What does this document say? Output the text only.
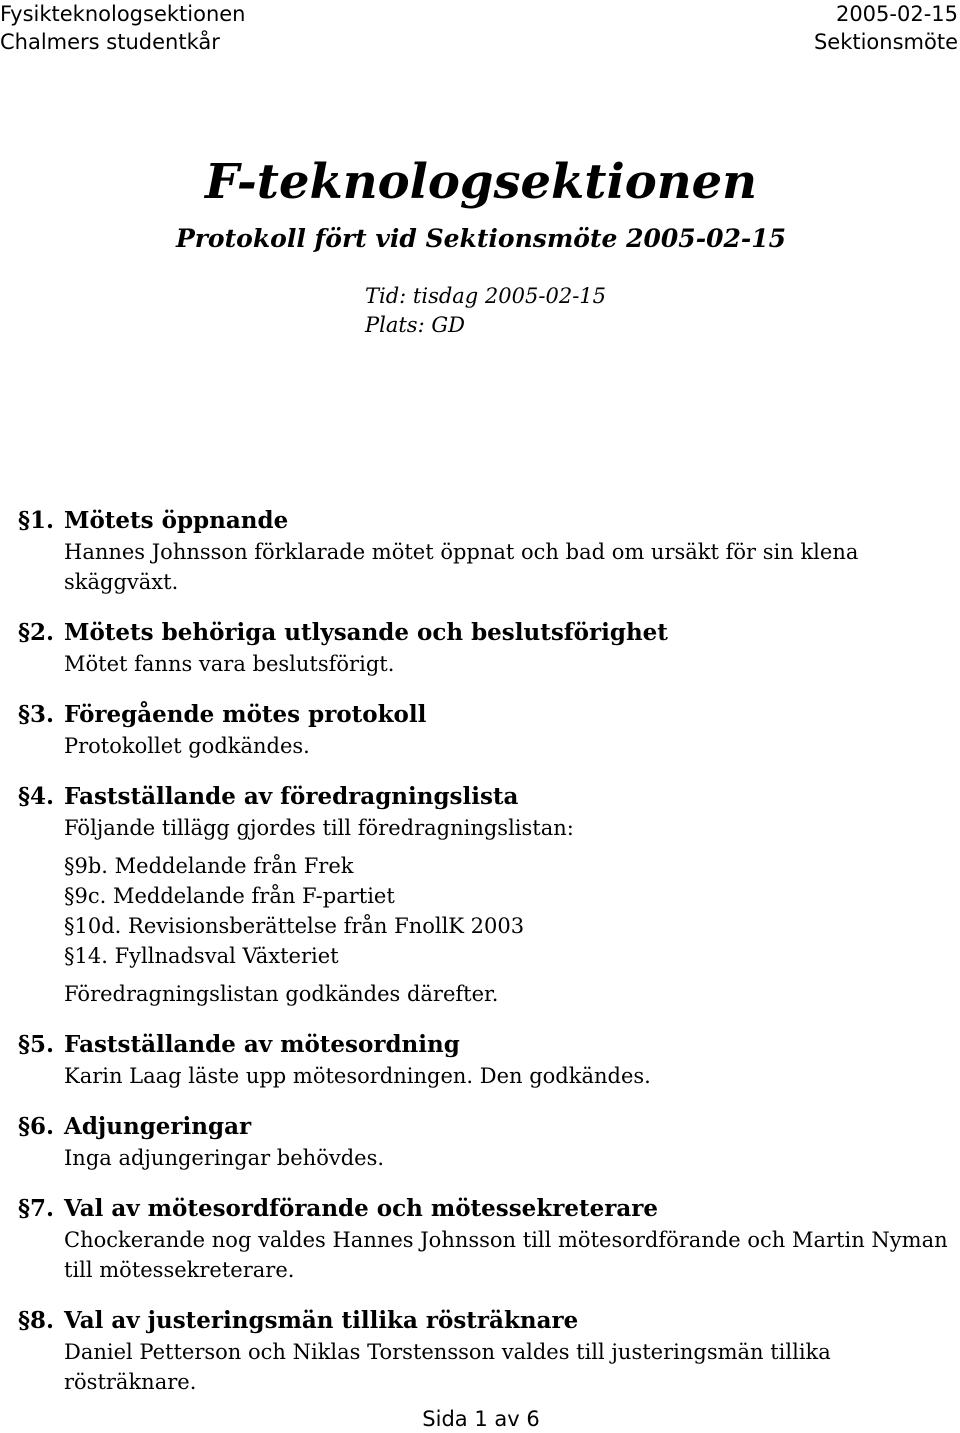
Fysikteknologsektionen
Chalmers studentkår
2005-02-15
Sektionsmöte
F-teknologsektionen
Protokoll fört vid Sektionsmöte 2005-02-15
Tid: tisdag 2005-02-15
Plats: GD
§1. Mötets öppnande
Hannes Johnsson förklarade mötet öppnat och bad om ursäkt för sin klena skäggväxt.
§2. Mötets behöriga utlysande och beslutsförighet
Mötet fanns vara beslutsförigt.
§3. Föregående mötes protokoll
Protokollet godkändes.
§4. Fastställande av föredragningslista
Följande tillägg gjordes till föredragningslistan:
§9b. Meddelande från Frek
§9c. Meddelande från F-partiet
§10d. Revisionsberättelse från FnollK 2003
§14. Fyllnadsval Växteriet
Föredragningslistan godkändes därefter.
§5. Fastställande av mötesordning
Karin Laag läste upp mötesordningen. Den godkändes.
§6. Adjungeringar
Inga adjungeringar behövdes.
§7. Val av mötesordförande och mötessekreterare
Chockerande nog valdes Hannes Johnsson till mötesordförande och Martin Nyman till mötessekreterare.
§8. Val av justeringsmän tillika rösträknare
Daniel Petterson och Niklas Torstensson valdes till justeringsmän tillika rösträknare.
Sida 1 av 6
